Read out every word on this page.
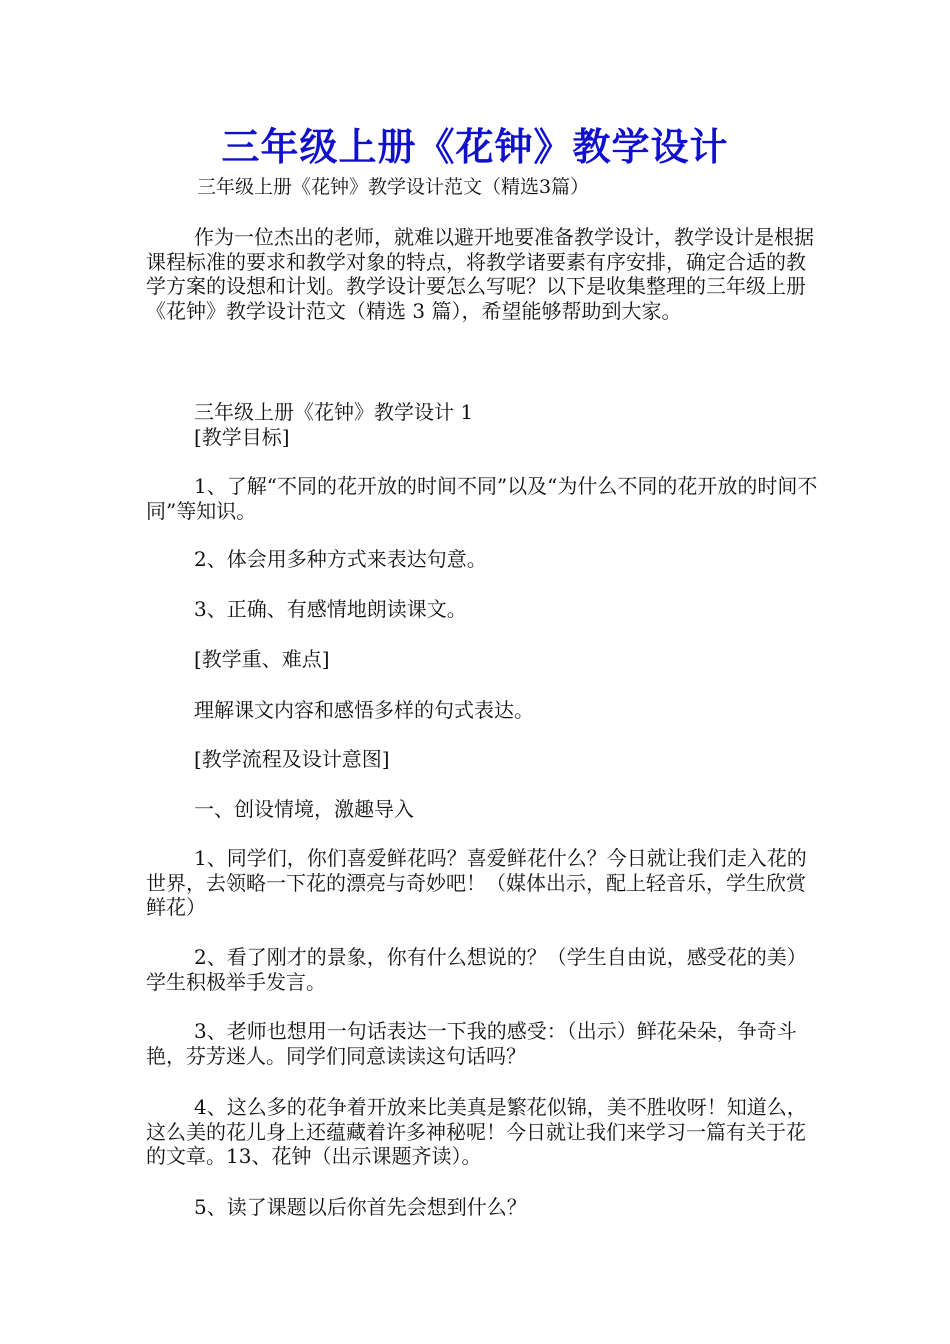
三年级上册《花钟》教学设计
三年级上册《花钟》教学设计范文（精选3篇）

作为一位杰出的老师，就难以避开地要准备教学设计，教学设计是根据课程标准的要求和教学对象的特点，将教学诸要素有序安排，确定合适的教学方案的设想和计划。教学设计要怎么写呢？以下是收集整理的三年级上册《花钟》教学设计范文（精选 3 篇），希望能够帮助到大家。

三年级上册《花钟》教学设计 1
[教学目标]

1、了解“不同的花开放的时间不同”以及“为什么不同的花开放的时间不同”等知识。

2、体会用多种方式来表达句意。
3、正确、有感情地朗读课文。
[教学重、难点]
理解课文内容和感悟多样的句式表达。
[教学流程及设计意图]
一、创设情境，激趣导入

1、同学们，你们喜爱鲜花吗？喜爱鲜花什么？今日就让我们走入花的世界，去领略一下花的漂亮与奇妙吧！（媒体出示，配上轻音乐，学生欣赏鲜花）

2、看了刚才的景象，你有什么想说的？（学生自由说，感受花的美）学生积极举手发言。

3、老师也想用一句话表达一下我的感受：（出示）鲜花朵朵，争奇斗艳，芬芳迷人。同学们同意读读这句话吗？

4、这么多的花争着开放来比美真是繁花似锦，美不胜收呀！知道么，这么美的花儿身上还蕴藏着许多神秘呢！今日就让我们来学习一篇有关于花的文章。13、花钟（出示课题齐读）。

5、读了课题以后你首先会想到什么？
